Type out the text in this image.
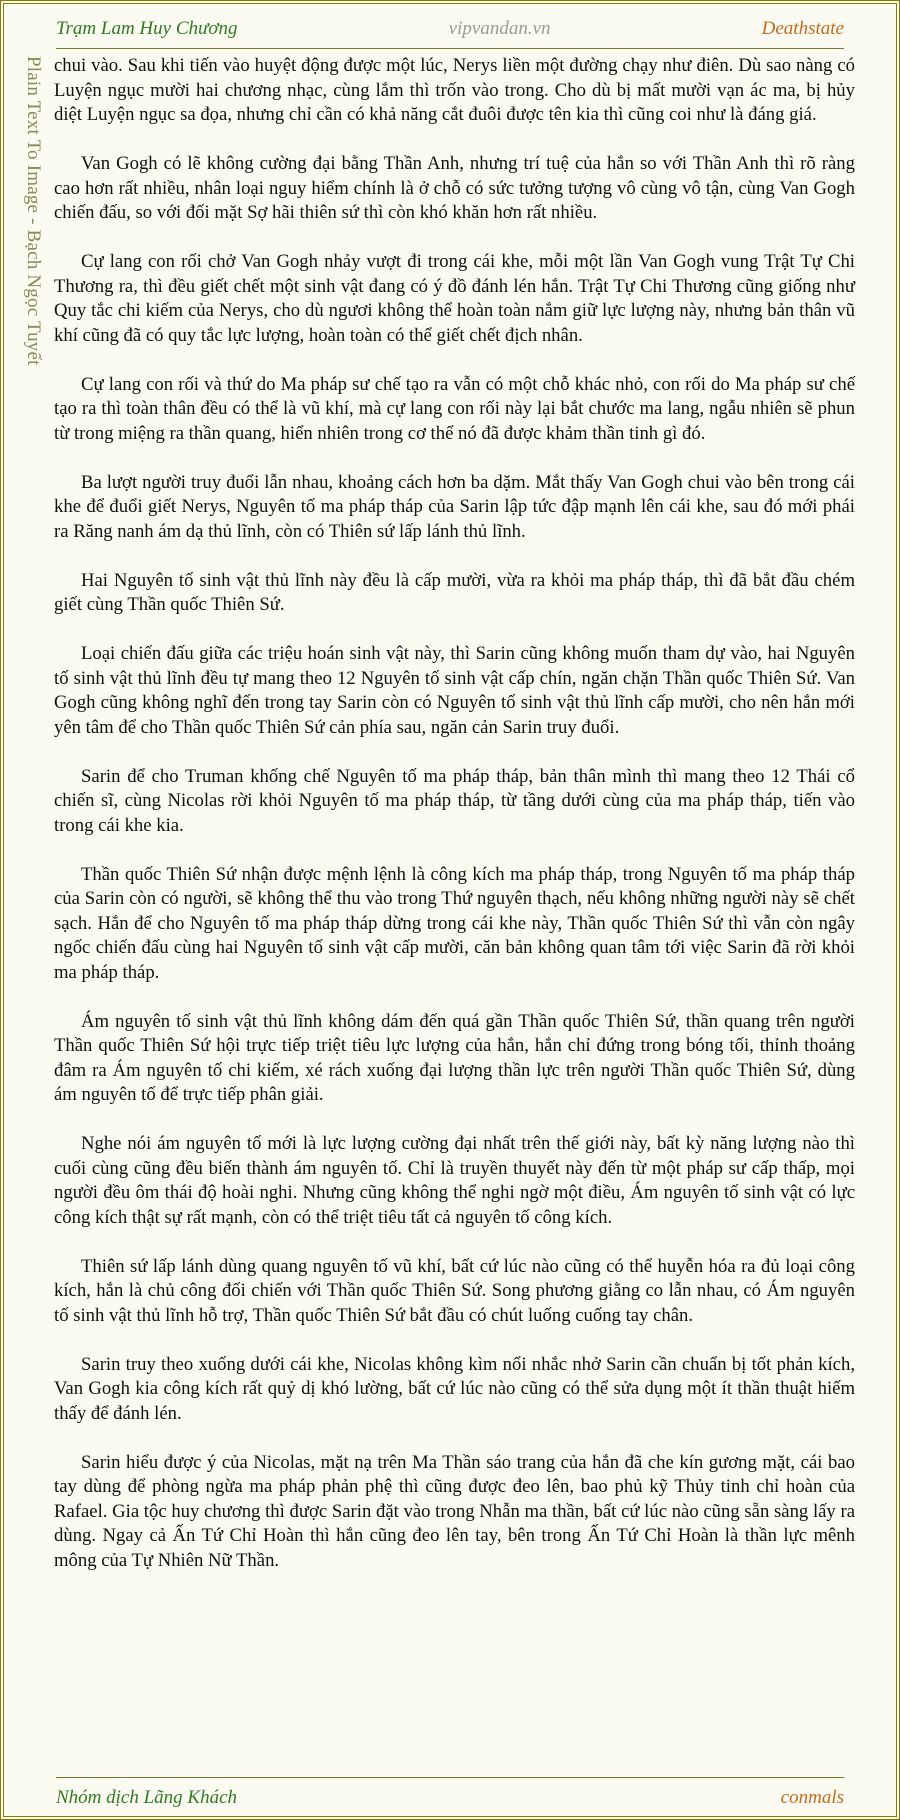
Trạm Lam Huy Chương	vipvandan.vn	Deathstate
Plain Text To Image - Bạch Ngọc Tuyết chui vào. Sau khi tiến vào huyệt động được một lúc, Nerys liền một đường chạy như điên. Dù sao nàng có Luyện ngục mười hai chương nhạc, cùng lắm thì trốn vào trong. Cho dù bị mất mười vạn ác ma, bị hủy diệt Luyện ngục sa đọa, nhưng chỉ cần có khả năng cắt đuôi được tên kia thì cũng coi như là đáng giá.

Van Gogh có lẽ không cường đại bằng Thần Anh, nhưng trí tuệ của hắn so với Thần Anh thì rõ ràng cao hơn rất nhiều, nhân loại nguy hiểm chính là ở chỗ có sức tưởng tượng vô cùng vô tận, cùng Van Gogh chiến đấu, so với đối mặt Sợ hãi thiên sứ thì còn khó khăn hơn rất nhiều.

Cự lang con rối chở Van Gogh nhảy vượt đi trong cái khe, mỗi một lần Van Gogh vung Trật Tự Chi Thương ra, thì đều giết chết một sinh vật đang có ý đồ đánh lén hắn. Trật Tự Chi Thương cũng giống như Quy tắc chi kiếm của Nerys, cho dù ngươi không thể hoàn toàn nắm giữ lực lượng này, nhưng bản thân vũ khí cũng đã có quy tắc lực lượng, hoàn toàn có thể giết chết địch nhân.

Cự lang con rối và thứ do Ma pháp sư chế tạo ra vẫn có một chỗ khác nhỏ, con rối do Ma pháp sư chế tạo ra thì toàn thân đều có thể là vũ khí, mà cự lang con rối này lại bắt chước ma lang, ngẫu nhiên sẽ phun từ trong miệng ra thần quang, hiển nhiên trong cơ thể nó đã được khảm thần tinh gì đó.

Ba lượt người truy đuổi lẫn nhau, khoảng cách hơn ba dặm. Mắt thấy Van Gogh chui vào bên trong cái khe để đuổi giết Nerys, Nguyên tố ma pháp tháp của Sarin lập tức đập mạnh lên cái khe, sau đó mới phái ra Răng nanh ám dạ thủ lĩnh, còn có Thiên sứ lấp lánh thủ lĩnh.

Hai Nguyên tố sinh vật thủ lĩnh này đều là cấp mười, vừa ra khỏi ma pháp tháp, thì đã bắt đầu chém giết cùng Thần quốc Thiên Sứ.

Loại chiến đấu giữa các triệu hoán sinh vật này, thì Sarin cũng không muốn tham dự vào, hai Nguyên tố sinh vật thủ lĩnh đều tự mang theo 12 Nguyên tố sinh vật cấp chín, ngăn chặn Thần quốc Thiên Sứ. Van Gogh cũng không nghĩ đến trong tay Sarin còn có Nguyên tố sinh vật thủ lĩnh cấp mười, cho nên hắn mới yên tâm để cho Thần quốc Thiên Sứ cản phía sau, ngăn cản Sarin truy đuổi.

Sarin để cho Truman khống chế Nguyên tố ma pháp tháp, bản thân mình thì mang theo 12 Thái cổ chiến sĩ, cùng Nicolas rời khỏi Nguyên tố ma pháp tháp, từ tầng dưới cùng của ma pháp tháp, tiến vào trong cái khe kia.

Thần quốc Thiên Sứ nhận được mệnh lệnh là công kích ma pháp tháp, trong Nguyên tố ma pháp tháp của Sarin còn có người, sẽ không thể thu vào trong Thứ nguyên thạch, nếu không những người này sẽ chết sạch. Hắn để cho Nguyên tố ma pháp tháp dừng trong cái khe này, Thần quốc Thiên Sứ thì vẫn còn ngây ngốc chiến đấu cùng hai Nguyên tố sinh vật cấp mười, căn bản không quan tâm tới việc Sarin đã rời khỏi ma pháp tháp.

Ám nguyên tố sinh vật thủ lĩnh không dám đến quá gần Thần quốc Thiên Sứ, thần quang trên người Thần quốc Thiên Sứ hội trực tiếp triệt tiêu lực lượng của hắn, hắn chỉ đứng trong bóng tối, thỉnh thoảng đâm ra Ám nguyên tố chi kiếm, xé rách xuống đại lượng thần lực trên người Thần quốc Thiên Sứ, dùng ám nguyên tố để trực tiếp phân giải.

Nghe nói ám nguyên tố mới là lực lượng cường đại nhất trên thế giới này, bất kỳ năng lượng nào thì cuối cùng cũng đều biến thành ám nguyên tố. Chỉ là truyền thuyết này đến từ một pháp sư cấp thấp, mọi người đều ôm thái độ hoài nghi. Nhưng cũng không thể nghi ngờ một điều, Ám nguyên tố sinh vật có lực công kích thật sự rất mạnh, còn có thể triệt tiêu tất cả nguyên tố công kích.

Thiên sứ lấp lánh dùng quang nguyên tố vũ khí, bất cứ lúc nào cũng có thể huyễn hóa ra đủ loại công kích, hắn là chủ công đối chiến với Thần quốc Thiên Sứ. Song phương giằng co lẫn nhau, có Ám nguyên tố sinh vật thủ lĩnh hỗ trợ, Thần quốc Thiên Sứ bắt đầu có chút luống cuống tay chân.

Sarin truy theo xuống dưới cái khe, Nicolas không kìm nổi nhắc nhở Sarin cần chuẩn bị tốt phản kích, Van Gogh kia công kích rất quỷ dị khó lường, bất cứ lúc nào cũng có thể sửa dụng một ít thần thuật hiếm thấy để đánh lén.

Sarin hiểu được ý của Nicolas, mặt nạ trên Ma Thần sáo trang của hắn đã che kín gương mặt, cái bao tay dùng để phòng ngừa ma pháp phản phệ thì cũng được đeo lên, bao phủ kỹ Thủy tinh chỉ hoàn của Rafael. Gia tộc huy chương thì được Sarin đặt vào trong Nhẫn ma thần, bất cứ lúc nào cũng sẵn sàng lấy ra dùng. Ngay cả Ấn Tứ Chỉ Hoàn thì hắn cũng đeo lên tay, bên trong Ấn Tứ Chỉ Hoàn là thần lực mênh mông của Tự Nhiên Nữ Thần.

Nhóm dịch Lãng Khách	conmals
